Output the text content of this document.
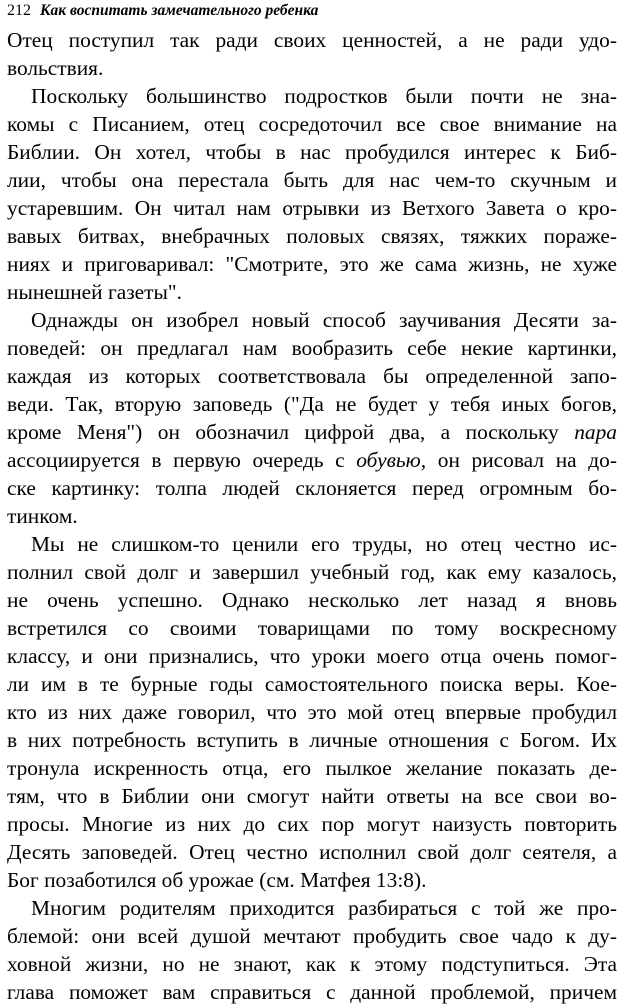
212 Как воспитать замечательного ребенка
Отец поступил так ради своих ценностей, а не ради удо-
вольствия.
Поскольку большинство подростков были почти не зна-
комы с Писанием, отец сосредоточил все свое внимание на
Библии. Он хотел, чтобы в нас пробудился интерес к Биб-
лии, чтобы она перестала быть для нас чем-то скучным и
устаревшим. Он читал нам отрывки из Ветхого Завета о кро-
вавых битвах, внебрачных половых связях, тяжких пораже-
ниях и приговаривал: "Смотрите, это же сама жизнь, не хуже
нынешней газеты".
Однажды он изобрел новый способ заучивания Десяти за-
поведей: он предлагал нам вообразить себе некие картинки,
каждая из которых соответствовала бы определенной запо-
веди. Так, вторую заповедь ("Да не будет у тебя иных богов,
кроме Меня") он обозначил цифрой два, а поскольку пара
ассоциируется в первую очередь с обувью, он рисовал на до-
ске картинку: толпа людей склоняется перед огромным бо-
тинком.
Мы не слишком-то ценили его труды, но отец честно ис-
полнил свой долг и завершил учебный год, как ему казалось,
не очень успешно. Однако несколько лет назад я вновь
встретился со своими товарищами по тому воскресному
классу, и они признались, что уроки моего отца очень помог-
ли им в те бурные годы самостоятельного поиска веры. Кое-
кто из них даже говорил, что это мой отец впервые пробудил
в них потребность вступить в личные отношения с Богом. Их
тронула искренность отца, его пылкое желание показать де-
тям, что в Библии они смогут найти ответы на все свои во-
просы. Многие из них до сих пор могут наизусть повторить
Десять заповедей. Отец честно исполнил свой долг сеятеля, а
Бог позаботился об урожае (см. Матфея 13:8).
Многим родителям приходится разбираться с той же про-
блемой: они всей душой мечтают пробудить свое чадо к ду-
ховной жизни, но не знают, как к этому подступиться. Эта
глава поможет вам справиться с данной проблемой, причем
